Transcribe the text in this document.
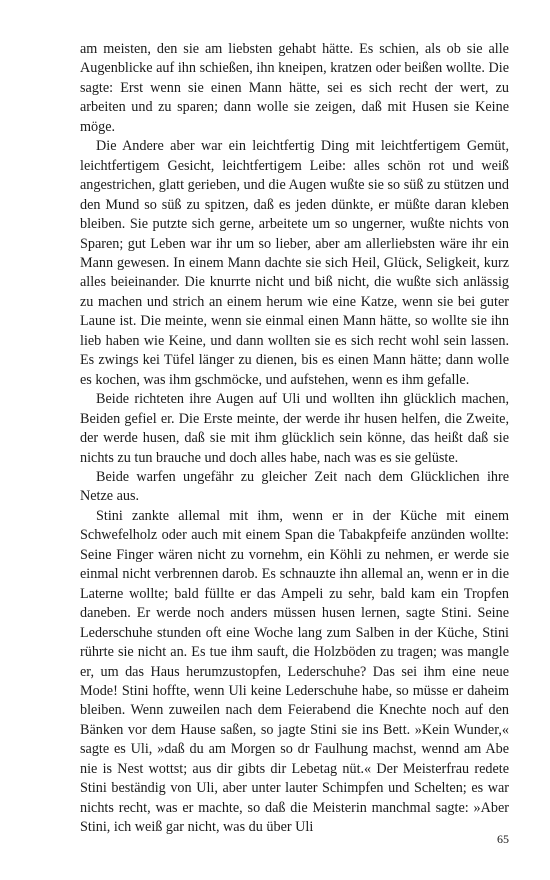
am meisten, den sie am liebsten gehabt hätte. Es schien, als ob sie alle Augenblicke auf ihn schießen, ihn kneipen, kratzen oder beißen wollte. Die sagte: Erst wenn sie einen Mann hätte, sei es sich recht der wert, zu arbeiten und zu sparen; dann wolle sie zeigen, daß mit Husen sie Keine möge.

Die Andere aber war ein leichtfertig Ding mit leichtfertigem Gemüt, leichtfertigem Gesicht, leichtfertigem Leibe: alles schön rot und weiß angestrichen, glatt gerieben, und die Augen wußte sie so süß zu stützen und den Mund so süß zu spitzen, daß es jeden dünkte, er müßte daran kleben bleiben. Sie putzte sich gerne, arbeitete um so ungerner, wußte nichts von Sparen; gut Leben war ihr um so lieber, aber am allerliebsten wäre ihr ein Mann gewesen. In einem Mann dachte sie sich Heil, Glück, Seligkeit, kurz alles beieinander. Die knurrte nicht und biß nicht, die wußte sich anlässig zu machen und strich an einem herum wie eine Katze, wenn sie bei guter Laune ist. Die meinte, wenn sie einmal einen Mann hätte, so wollte sie ihn lieb haben wie Keine, und dann wollten sie es sich recht wohl sein lassen. Es zwings kei Tüfel länger zu dienen, bis es einen Mann hätte; dann wolle es kochen, was ihm gschmöcke, und aufstehen, wenn es ihm gefalle.

Beide richteten ihre Augen auf Uli und wollten ihn glücklich machen, Beiden gefiel er. Die Erste meinte, der werde ihr husen helfen, die Zweite, der werde husen, daß sie mit ihm glücklich sein könne, das heißt daß sie nichts zu tun brauche und doch alles habe, nach was es sie gelüste.

Beide warfen ungefähr zu gleicher Zeit nach dem Glücklichen ihre Netze aus.

Stini zankte allemal mit ihm, wenn er in der Küche mit einem Schwefelholz oder auch mit einem Span die Tabakpfeife anzünden wollte: Seine Finger wären nicht zu vornehm, ein Köhli zu nehmen, er werde sie einmal nicht verbrennen darob. Es schnauzte ihn allemal an, wenn er in die Laterne wollte; bald füllte er das Ampeli zu sehr, bald kam ein Tropfen daneben. Er werde noch anders müssen husen lernen, sagte Stini. Seine Lederschuhe stunden oft eine Woche lang zum Salben in der Küche, Stini rührte sie nicht an. Es tue ihm sauft, die Holzböden zu tragen; was mangle er, um das Haus herumzustopfen, Lederschuhe? Das sei ihm eine neue Mode! Stini hoffte, wenn Uli keine Lederschuhe habe, so müsse er daheim bleiben. Wenn zuweilen nach dem Feierabend die Knechte noch auf den Bänken vor dem Hause saßen, so jagte Stini sie ins Bett. »Kein Wunder,« sagte es Uli, »daß du am Morgen so dr Faulhung machst, wennd am Abe nie is Nest wottst; aus dir gibts dir Lebetag nüt.« Der Meisterfrau redete Stini beständig von Uli, aber unter lauter Schimpfen und Schelten; es war nichts recht, was er machte, so daß die Meisterin manchmal sagte: »Aber Stini, ich weiß gar nicht, was du über Uli

65
